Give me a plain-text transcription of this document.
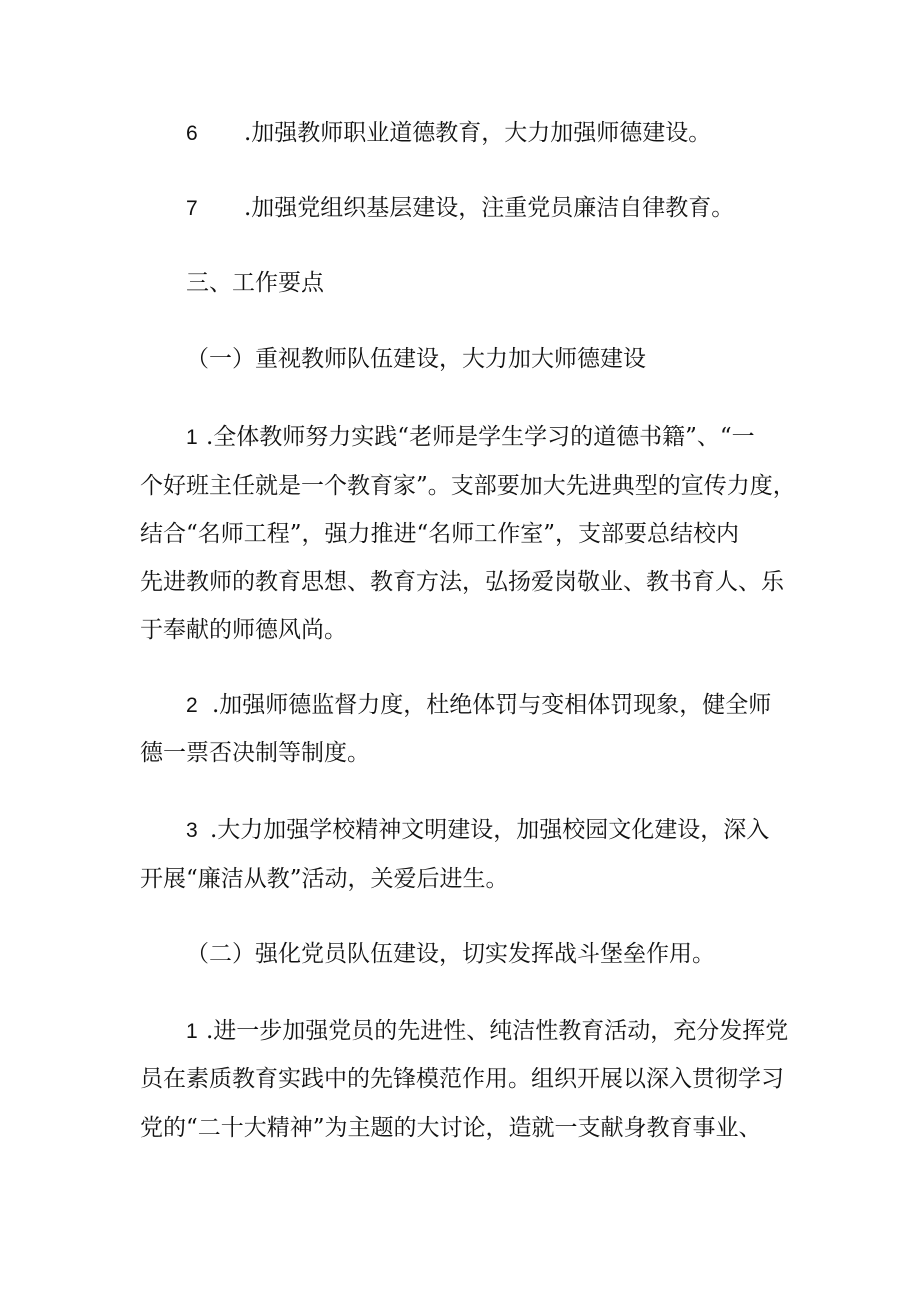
6 .加强教师职业道德教育，大力加强师德建设。
7 .加强党组织基层建设，注重党员廉洁自律教育。
三、工作要点
（一）重视教师队伍建设，大力加大师德建设
1 .全体教师努力实践“老师是学生学习的道德书籍”、“一
个好班主任就是一个教育家”。支部要加大先进典型的宣传力度，
结合“名师工程”，强力推进“名师工作室”，支部要总结校内
先进教师的教育思想、教育方法，弘扬爱岗敬业、教书育人、乐
于奉献的师德风尚。
2 .加强师德监督力度，杜绝体罚与变相体罚现象，健全师
德一票否决制等制度。
3 .大力加强学校精神文明建设，加强校园文化建设，深入
开展“廉洁从教”活动，关爱后进生。
（二）强化党员队伍建设，切实发挥战斗堡垒作用。
1 .进一步加强党员的先进性、纯洁性教育活动，充分发挥党
员在素质教育实践中的先锋模范作用。组织开展以深入贯彻学习
党的“二十大精神”为主题的大讨论，造就一支献身教育事业、
